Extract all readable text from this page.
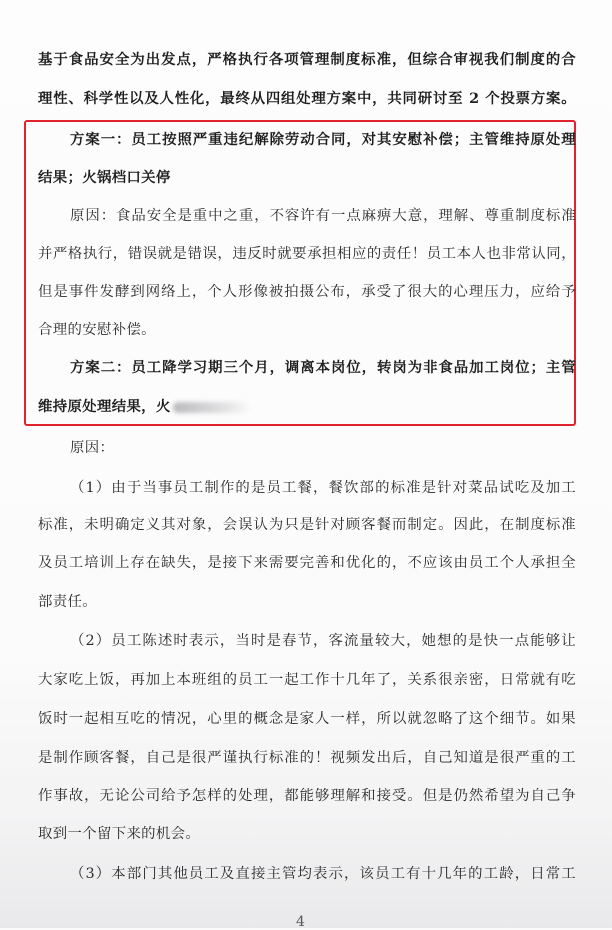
基于食品安全为出发点，严格执行各项管理制度标准，但综合审视我们制度的合
理性、科学性以及人性化，最终从四组处理方案中，共同研讨至 2 个投票方案。
方案一：员工按照严重违纪解除劳动合同，对其安慰补偿；主管维持原处理
结果；火锅档口关停
原因：食品安全是重中之重，不容许有一点麻痹大意，理解、尊重制度标准
并严格执行，错误就是错误，违反时就要承担相应的责任！员工本人也非常认同，
但是事件发酵到网络上，个人形像被拍摄公布，承受了很大的心理压力，应给予
合理的安慰补偿。
方案二：员工降学习期三个月，调离本岗位，转岗为非食品加工岗位；主管
维持原处理结果，火
原因：
（1）由于当事员工制作的是员工餐，餐饮部的标准是针对菜品试吃及加工
标准，未明确定义其对象，会误认为只是针对顾客餐而制定。因此，在制度标准
及员工培训上存在缺失，是接下来需要完善和优化的，不应该由员工个人承担全
部责任。
（2）员工陈述时表示，当时是春节，客流量较大，她想的是快一点能够让
大家吃上饭，再加上本班组的员工一起工作十几年了，关系很亲密，日常就有吃
饭时一起相互吃的情况，心里的概念是家人一样，所以就忽略了这个细节。如果
是制作顾客餐，自己是很严谨执行标准的！视频发出后，自己知道是很严重的工
作事故，无论公司给予怎样的处理，都能够理解和接受。但是仍然希望为自己争
取到一个留下来的机会。
（3）本部门其他员工及直接主管均表示，该员工有十几年的工龄，日常工
4
